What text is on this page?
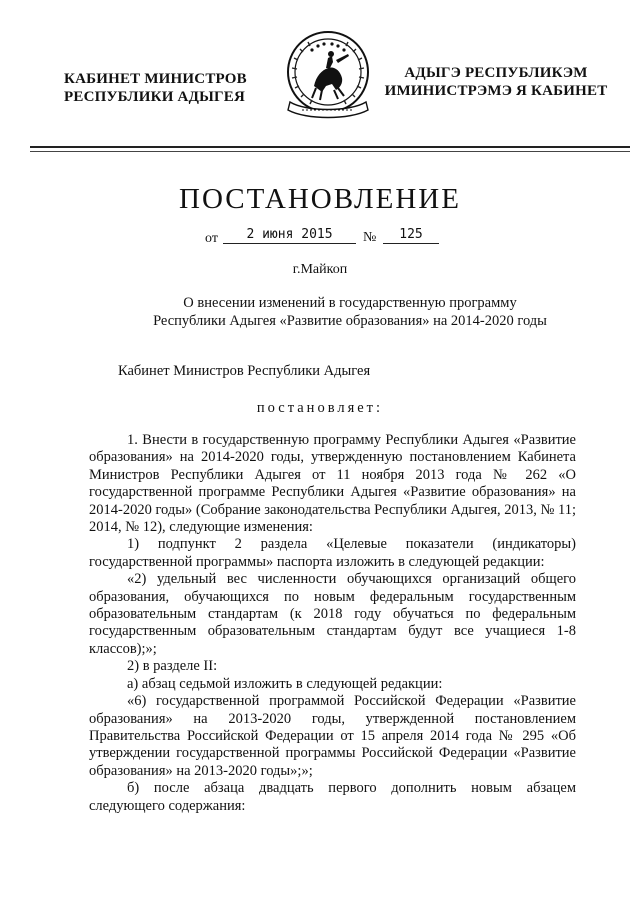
КАБИНЕТ МИНИСТРОВ
РЕСПУБЛИКИ АДЫГЕЯ
АДЫГЭ РЕСПУБЛИКЭМ
ИМИНИСТРЭМЭ Я КАБИНЕТ
ПОСТАНОВЛЕНИЕ
от	2 июня 2015	№	125
г.Майкоп
О внесении изменений в государственную программу
Республики Адыгея «Развитие образования» на 2014-2020 годы
Кабинет Министров Республики Адыгея
постановляет:

1. Внести в государственную программу Республики Адыгея «Развитие образования» на 2014-2020 годы, утвержденную постановлением Кабинета Министров Республики Адыгея от 11 ноября 2013 года № 262 «О государственной программе Республики Адыгея «Развитие образования» на 2014-2020 годы» (Собрание законодательства Республики Адыгея, 2013, № 11; 2014, № 12), следующие изменения:

1) подпункт 2 раздела «Целевые показатели (индикаторы) государственной программы» паспорта изложить в следующей редакции:

«2) удельный вес численности обучающихся организаций общего образования, обучающихся по новым федеральным государственным образовательным стандартам (к 2018 году обучаться по федеральным государственным образовательным стандартам будут все учащиеся 1-8 классов);»;

2) в разделе II:

а) абзац седьмой изложить в следующей редакции:

«6) государственной программой Российской Федерации «Развитие образования» на 2013-2020 годы, утвержденной постановлением Правительства Российской Федерации от 15 апреля 2014 года № 295 «Об утверждении государственной программы Российской Федерации «Развитие образования» на 2013-2020 годы»;»;

б) после абзаца двадцать первого дополнить новым абзацем следующего содержания:
